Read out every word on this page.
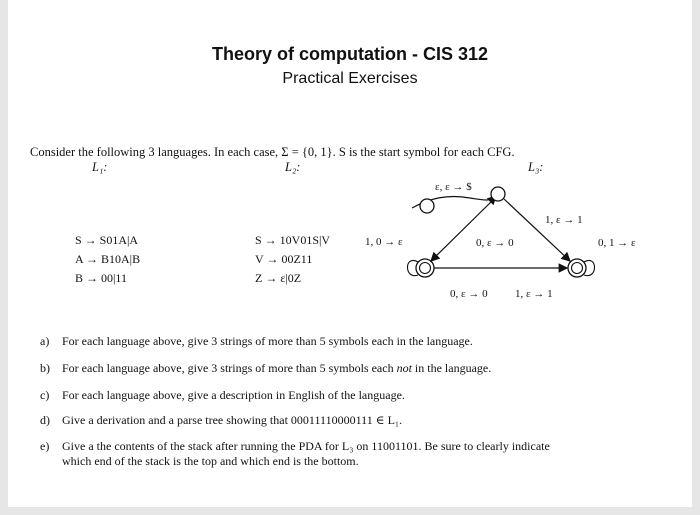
Theory of computation - CIS 312
Practical Exercises
Consider the following 3 languages. In each case, Σ = {0, 1}. S is the start symbol for each CFG.
L₁:
S → S01A|A
A → B10A|B
B → 00|11
L₂:
S → 10V01S|V
V → 00Z11
Z → ε|0Z
L₃:
ε, ε → $
1, 0 → ε
1, ε → 1
0, ε → 0	0, 1 → ε
0, ε → 0 1, ε → 1
a) For each language above, give 3 strings of more than 5 symbols each in the language.
b) For each language above, give 3 strings of more than 5 symbols each not in the language.
c) For each language above, give a description in English of the language.
d) Give a derivation and a parse tree showing that 00011110000111 ∈ L₁.
e) Give a the contents of the stack after running the PDA for L₃ on 11001101. Be sure to clearly indicate
which end of the stack is the top and which end is the bottom.
